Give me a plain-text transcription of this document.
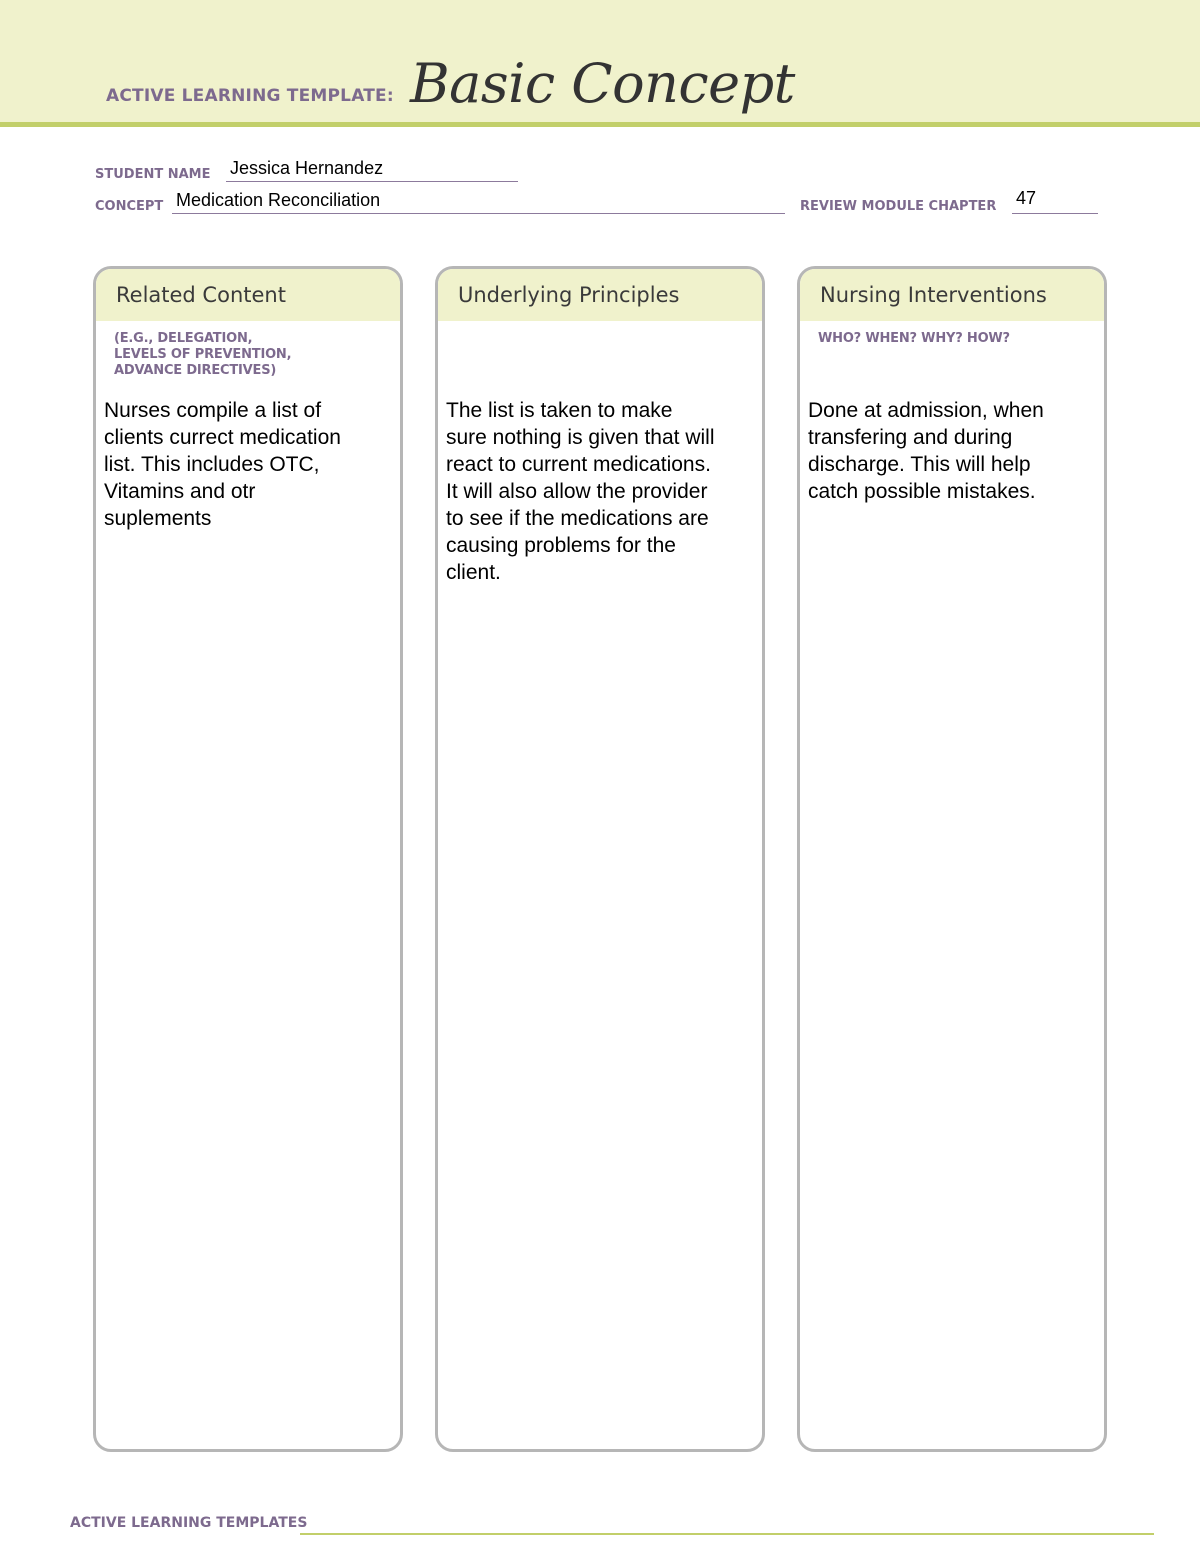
ACTIVE LEARNING TEMPLATE: Basic Concept
STUDENT NAME Jessica Hernandez
CONCEPT Medication Reconciliation	REVIEW MODULE CHAPTER 47
Related Content
(E.G., DELEGATION,
LEVELS OF PREVENTION,
ADVANCE DIRECTIVES)
Nurses compile a list of
clients currect medication
list. This includes OTC,
Vitamins and otr
suplements
Underlying Principles
The list is taken to make
sure nothing is given that will
react to current medications.
It will also allow the provider
to see if the medications are
causing problems for the
client.
Nursing Interventions
WHO? WHEN? WHY? HOW?
Done at admission, when
transfering and during
discharge. This will help
catch possible mistakes.
ACTIVE LEARNING TEMPLATES
